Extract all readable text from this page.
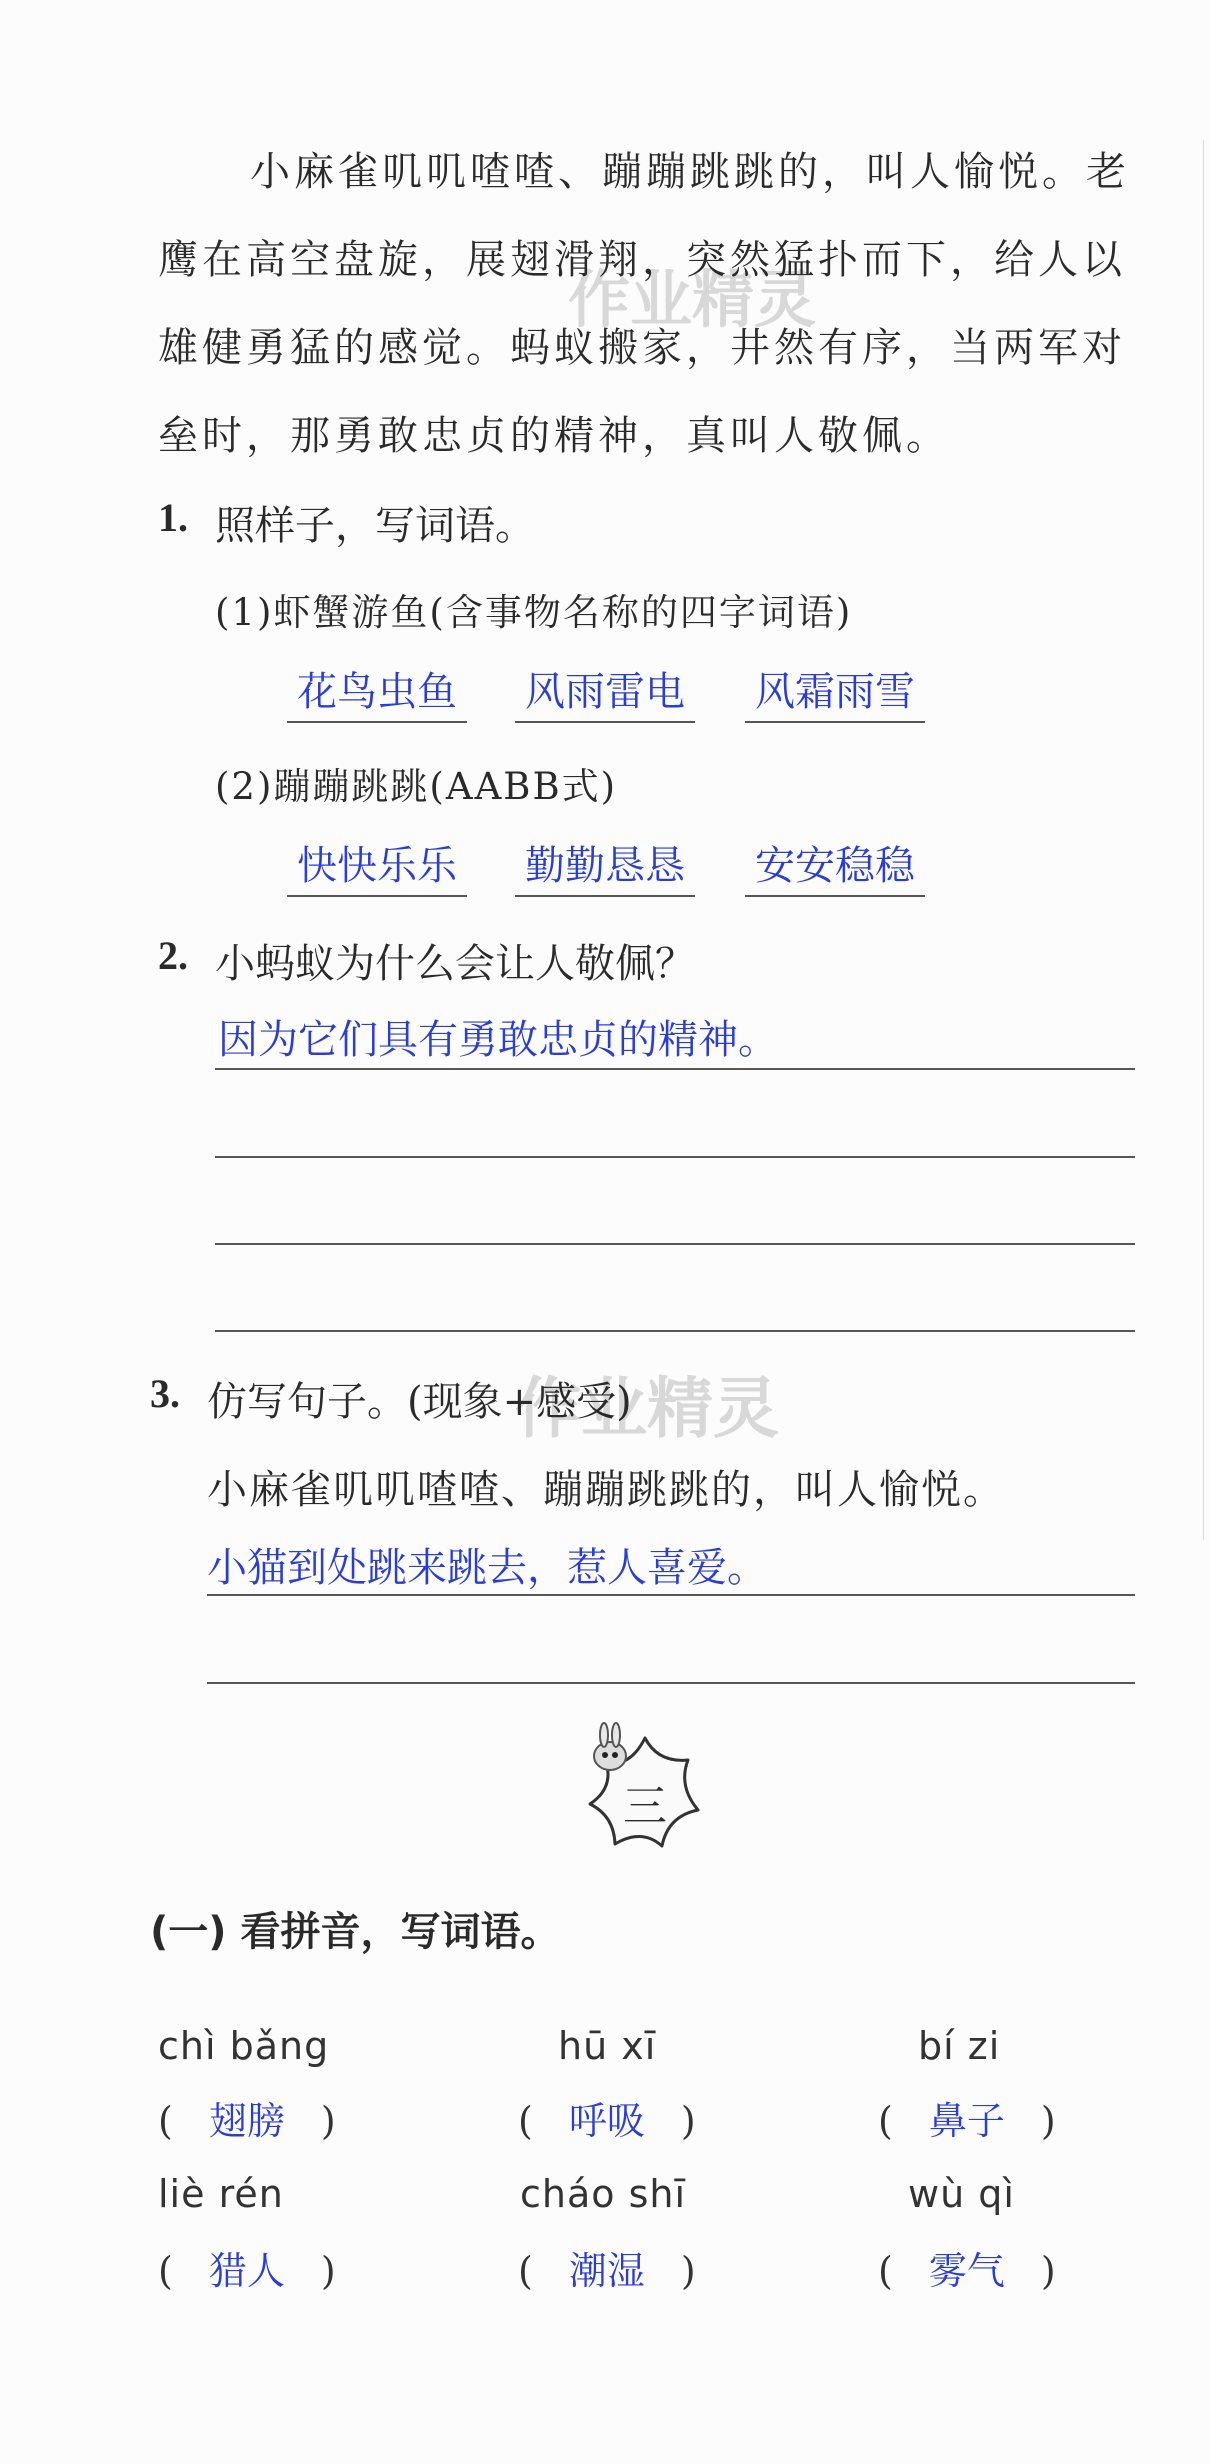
作业精灵
作业精灵
小麻雀叽叽喳喳、蹦蹦跳跳的，叫人愉悦。老
鹰在高空盘旋，展翅滑翔，突然猛扑而下，给人以
雄健勇猛的感觉。蚂蚁搬家，井然有序，当两军对
垒时，那勇敢忠贞的精神，真叫人敬佩。
1. 照样子，写词语。
(1)虾蟹游鱼(含事物名称的四字词语)
花鸟虫鱼 风雨雷电 风霜雨雪
(2)蹦蹦跳跳(AABB式)
快快乐乐 勤勤恳恳 安安稳稳
2. 小蚂蚁为什么会让人敬佩？
因为它们具有勇敢忠贞的精神。
3. 仿写句子。(现象+感受)
小麻雀叽叽喳喳、蹦蹦跳跳的，叫人愉悦。
小猫到处跳来跳去，惹人喜爱。
三
(一) 看拼音，写词语。
chì bǎng	hū xī	bí zi
( 翅膀 )	( 呼吸 )	( 鼻子 )
liè rén	cháo shī	wù qì
( 猎人 )	( 潮湿 )	( 雾气 )
